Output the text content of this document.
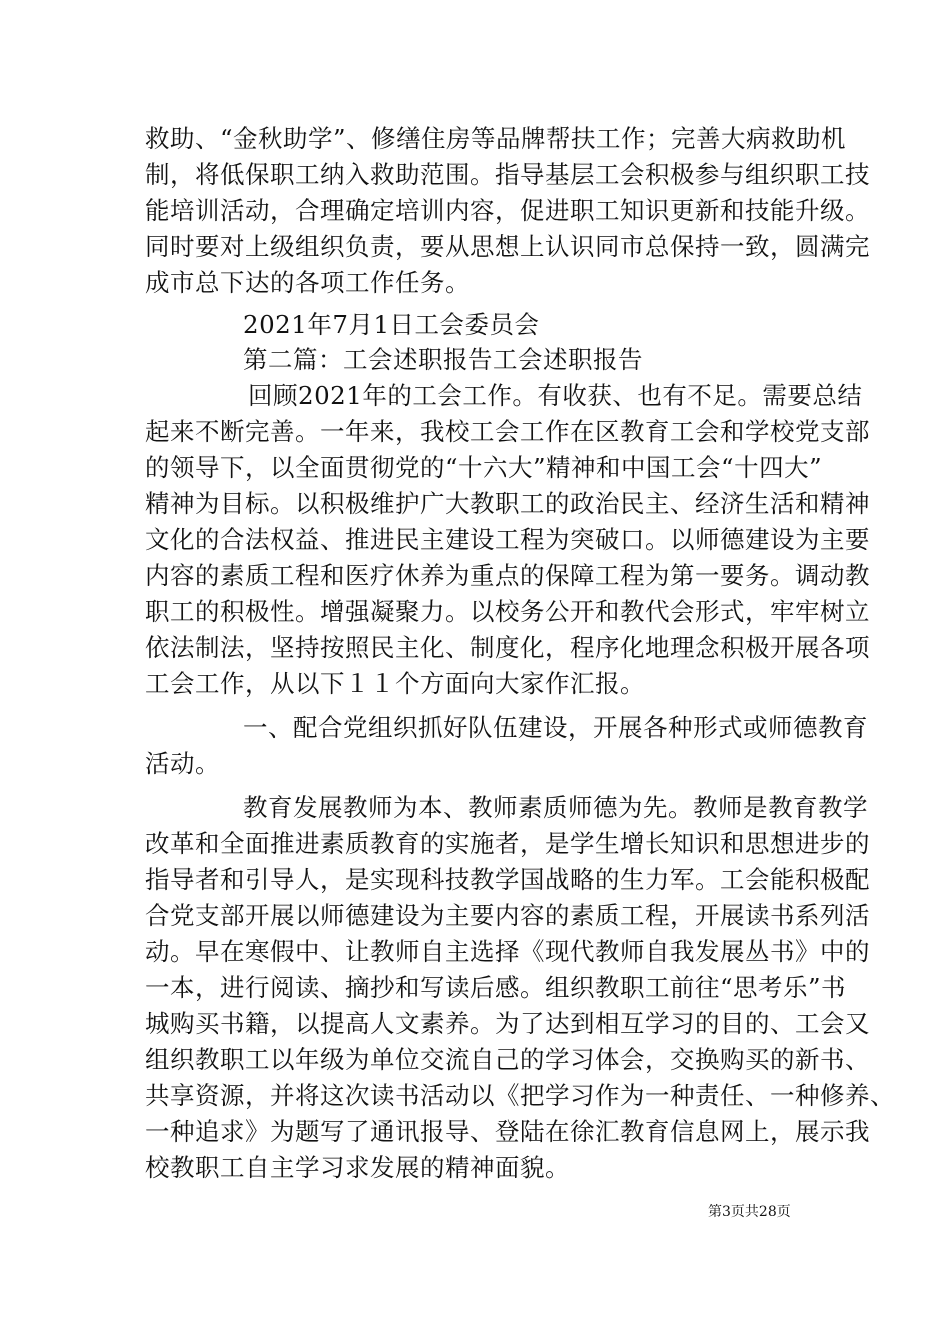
救助、“金秋助学”、修缮住房等品牌帮扶工作；完善大病救助机
制，将低保职工纳入救助范围。指导基层工会积极参与组织职工技
能培训活动，合理确定培训内容，促进职工知识更新和技能升级。
同时要对上级组织负责，要从思想上认识同市总保持一致，圆满完
成市总下达的各项工作任务。
2021年7月1日工会委员会
第二篇：工会述职报告工会述职报告
回顾2021年的工会工作。有收获、也有不足。需要总结
起来不断完善。一年来，我校工会工作在区教育工会和学校党支部
的领导下，以全面贯彻党的“十六大”精神和中国工会“十四大”
精神为目标。以积极维护广大教职工的政治民主、经济生活和精神
文化的合法权益、推进民主建设工程为突破口。以师德建设为主要
内容的素质工程和医疗休养为重点的保障工程为第一要务。调动教
职工的积极性。增强凝聚力。以校务公开和教代会形式，牢牢树立
依法制法，坚持按照民主化、制度化，程序化地理念积极开展各项
工会工作，从以下１１个方面向大家作汇报。
一、配合党组织抓好队伍建设，开展各种形式或师德教育
活动。
教育发展教师为本、教师素质师德为先。教师是教育教学
改革和全面推进素质教育的实施者，是学生增长知识和思想进步的
指导者和引导人，是实现科技教学国战略的生力军。工会能积极配
合党支部开展以师德建设为主要内容的素质工程，开展读书系列活
动。早在寒假中、让教师自主选择《现代教师自我发展丛书》中的
一本，进行阅读、摘抄和写读后感。组织教职工前往“思考乐”书
城购买书籍，以提高人文素养。为了达到相互学习的目的、工会又
组织教职工以年级为单位交流自己的学习体会，交换购买的新书、
共享资源，并将这次读书活动以《把学习作为一种责任、一种修养、
一种追求》为题写了通讯报导、登陆在徐汇教育信息网上，展示我
校教职工自主学习求发展的精神面貌。
第3页共28页
